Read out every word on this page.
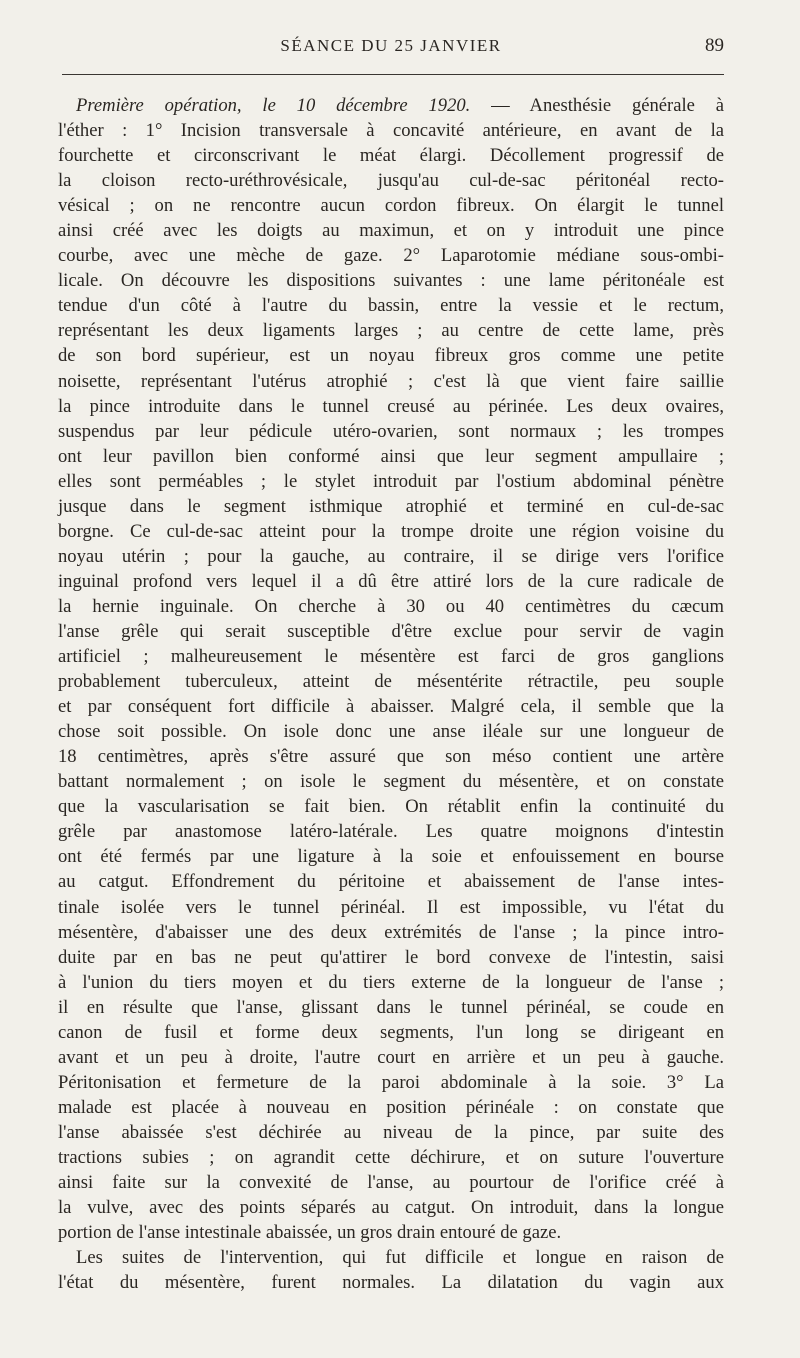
SÉANCE DU 25 JANVIER	89
Première opération, le 10 décembre 1920. — Anesthésie générale à
l'éther : 1° Incision transversale à concavité antérieure, en avant de la
fourchette et circonscrivant le méat élargi. Décollement progressif de
la cloison recto-uréthrovésicale, jusqu'au cul-de-sac péritonéal recto-
vésical ; on ne rencontre aucun cordon fibreux. On élargit le tunnel
ainsi créé avec les doigts au maximun, et on y introduit une pince
courbe, avec une mèche de gaze. 2° Laparotomie médiane sous-ombi-
licale. On découvre les dispositions suivantes : une lame péritonéale est
tendue d'un côté à l'autre du bassin, entre la vessie et le rectum,
représentant les deux ligaments larges ; au centre de cette lame, près
de son bord supérieur, est un noyau fibreux gros comme une petite
noisette, représentant l'utérus atrophié ; c'est là que vient faire saillie
la pince introduite dans le tunnel creusé au périnée. Les deux ovaires,
suspendus par leur pédicule utéro-ovarien, sont normaux ; les trompes
ont leur pavillon bien conformé ainsi que leur segment ampullaire ;
elles sont perméables ; le stylet introduit par l'ostium abdominal pénètre
jusque dans le segment isthmique atrophié et terminé en cul-de-sac
borgne. Ce cul-de-sac atteint pour la trompe droite une région voisine du
noyau utérin ; pour la gauche, au contraire, il se dirige vers l'orifice
inguinal profond vers lequel il a dû être attiré lors de la cure radicale de
la hernie inguinale. On cherche à 30 ou 40 centimètres du cæcum
l'anse grêle qui serait susceptible d'être exclue pour servir de vagin
artificiel ; malheureusement le mésentère est farci de gros ganglions
probablement tuberculeux, atteint de mésentérite rétractile, peu souple
et par conséquent fort difficile à abaisser. Malgré cela, il semble que la
chose soit possible. On isole donc une anse iléale sur une longueur de
18 centimètres, après s'être assuré que son méso contient une artère
battant normalement ; on isole le segment du mésentère, et on constate
que la vascularisation se fait bien. On rétablit enfin la continuité du
grêle par anastomose latéro-latérale. Les quatre moignons d'intestin
ont été fermés par une ligature à la soie et enfouissement en bourse
au catgut. Effondrement du péritoine et abaissement de l'anse intes-
tinale isolée vers le tunnel périnéal. Il est impossible, vu l'état du
mésentère, d'abaisser une des deux extrémités de l'anse ; la pince intro-
duite par en bas ne peut qu'attirer le bord convexe de l'intestin, saisi
à l'union du tiers moyen et du tiers externe de la longueur de l'anse ;
il en résulte que l'anse, glissant dans le tunnel périnéal, se coude en
canon de fusil et forme deux segments, l'un long se dirigeant en
avant et un peu à droite, l'autre court en arrière et un peu à gauche.
Péritonisation et fermeture de la paroi abdominale à la soie. 3° La
malade est placée à nouveau en position périnéale : on constate que
l'anse abaissée s'est déchirée au niveau de la pince, par suite des
tractions subies ; on agrandit cette déchirure, et on suture l'ouverture
ainsi faite sur la convexité de l'anse, au pourtour de l'orifice créé à
la vulve, avec des points séparés au catgut. On introduit, dans la longue
portion de l'anse intestinale abaissée, un gros drain entouré de gaze.
Les suites de l'intervention, qui fut difficile et longue en raison de
l'état du mésentère, furent normales. La dilatation du vagin aux
